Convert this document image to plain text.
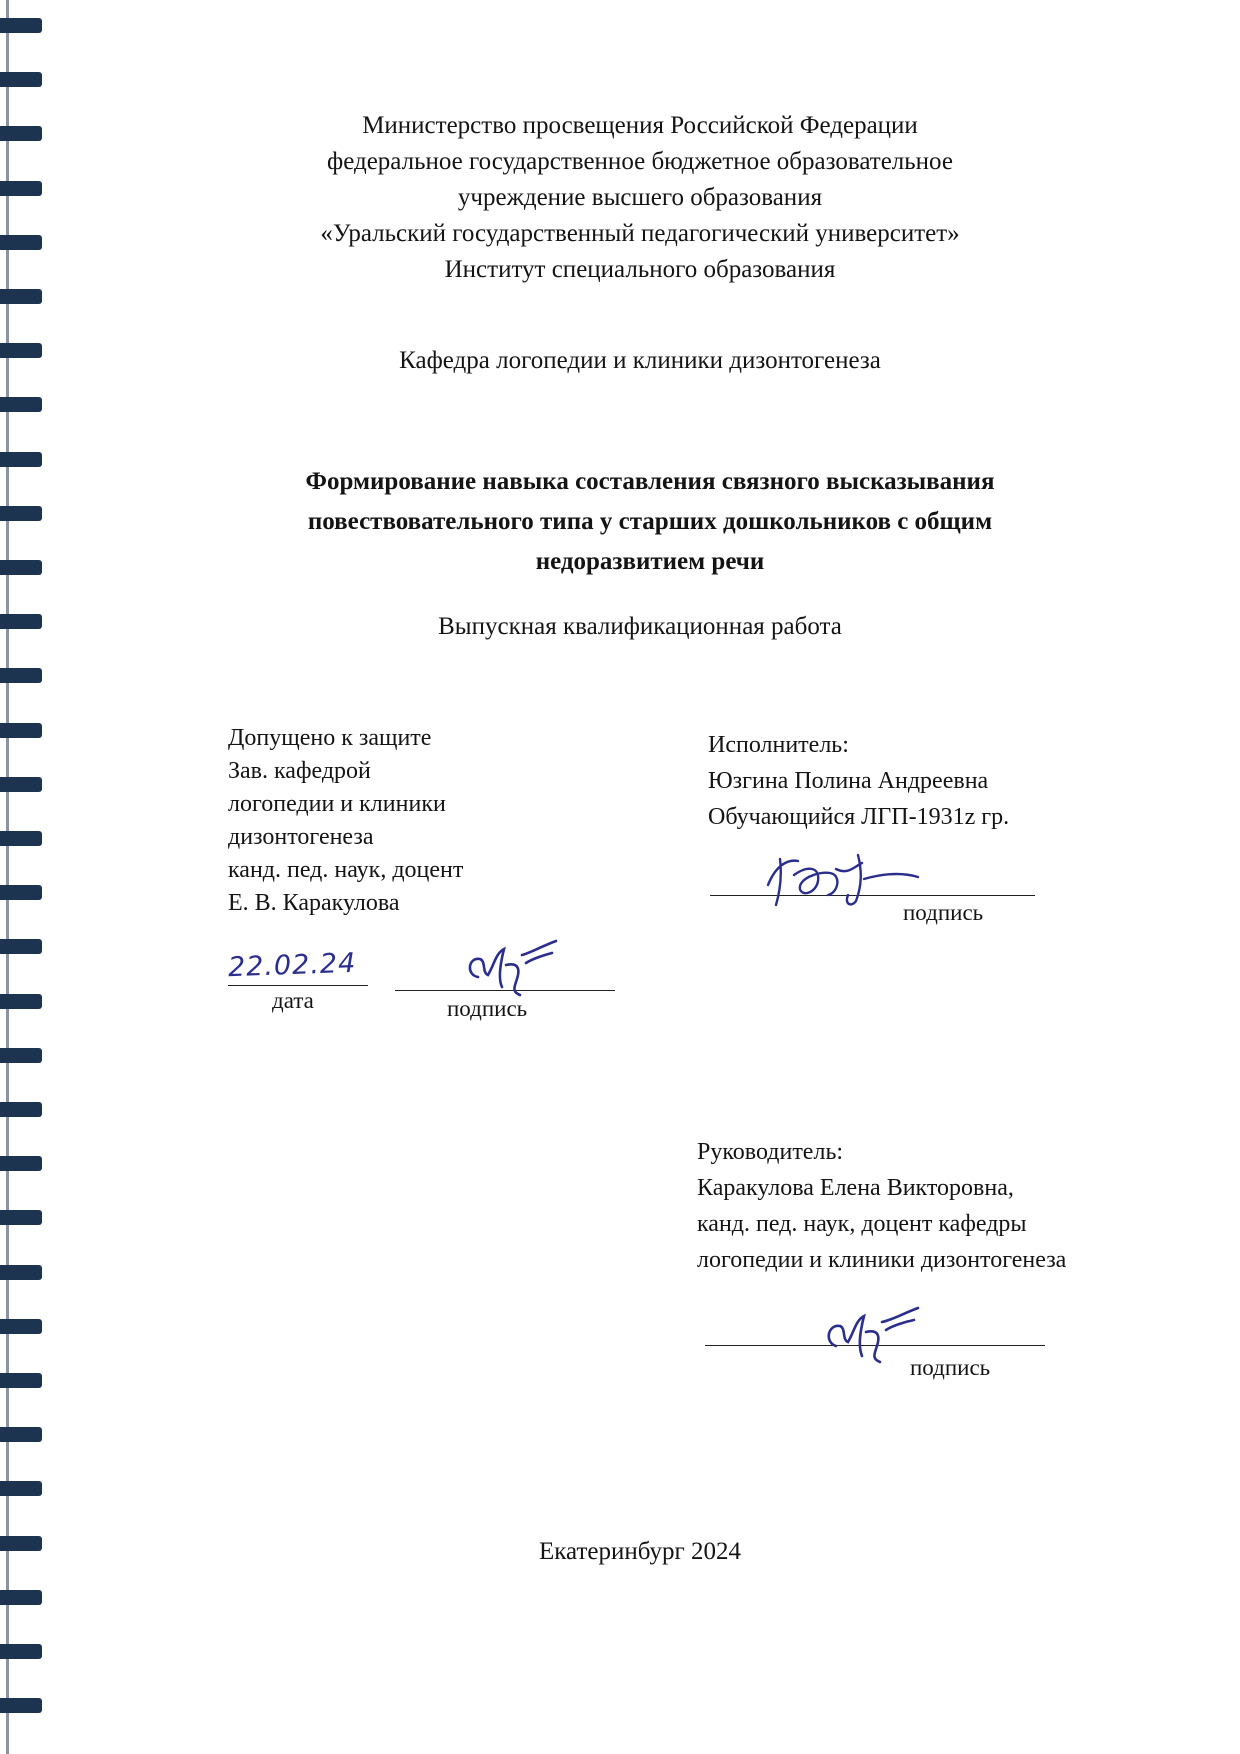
Министерство просвещения Российской Федерации
федеральное государственное бюджетное образовательное
учреждение высшего образования
«Уральский государственный педагогический университет»
Институт специального образования
Кафедра логопедии и клиники дизонтогенеза
Формирование навыка составления связного высказывания
повествовательного типа у старших дошкольников с общим
недоразвитием речи
Выпускная квалификационная работа
Допущено к защите
Зав. кафедрой
логопедии и клиники
дизонтогенеза
канд. пед. наук, доцент
Е. В. Каракулова
дата	подпись
22.02.24
Исполнитель:
Юзгина Полина Андреевна
Обучающийся ЛГП-1931z гр.
подпись
Руководитель:
Каракулова Елена Викторовна,
канд. пед. наук, доцент кафедры
логопедии и клиники дизонтогенеза
подпись
Екатеринбург 2024
